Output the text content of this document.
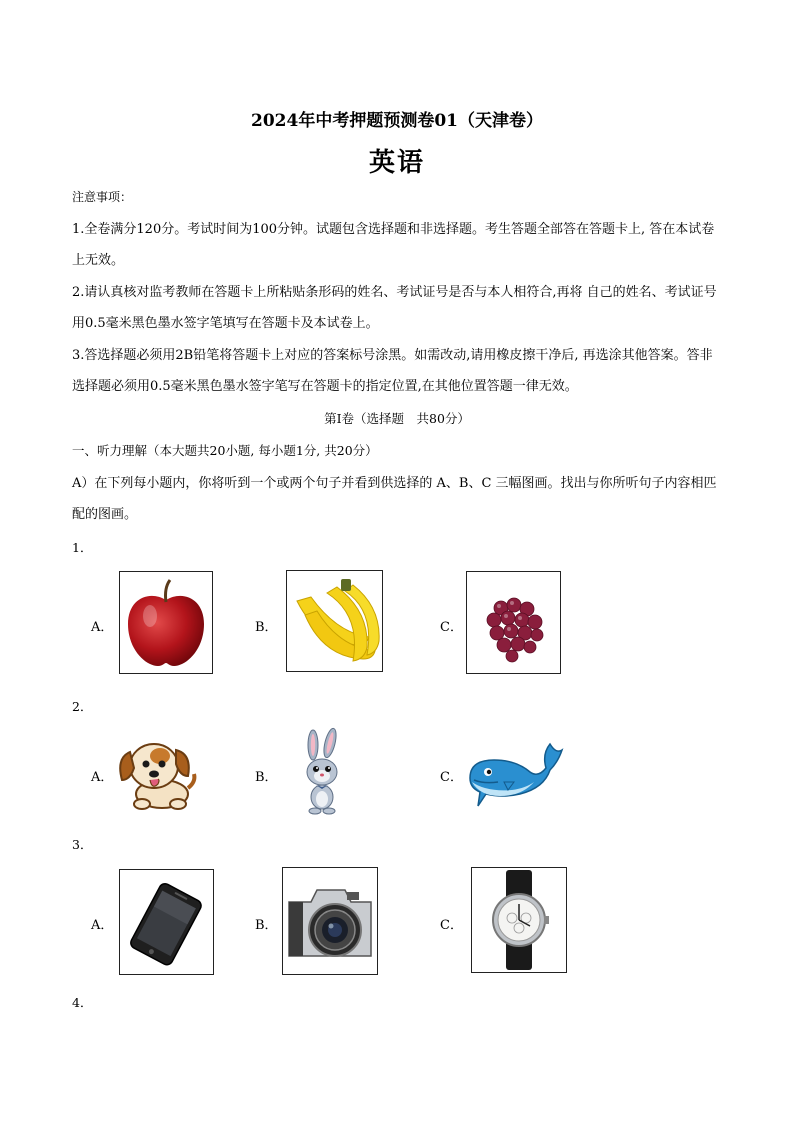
2024年中考押题预测卷01（天津卷）
英语
注意事项：
1.全卷满分120分。考试时间为100分钟。试题包含选择题和非选择题。考生答题全部答在答题卡上, 答在本试卷上无效。
2.请认真核对监考教师在答题卡上所粘贴条形码的姓名、考试证号是否与本人相符合,再将 自己的姓名、考试证号用0.5毫米黑色墨水签字笔填写在答题卡及本试卷上。
3.答选择题必须用2B铅笔将答题卡上对应的答案标号涂黑。如需改动,请用橡皮擦干净后, 再选涂其他答案。答非选择题必须用0.5毫米黑色墨水签字笔写在答题卡的指定位置,在其他位置答题一律无效。
第I卷（选择题　共80分）
一、听力理解（本大题共20小题, 每小题1分, 共20分）
A）在下列每小题内，你将听到一个或两个句子并看到供选择的 A、B、C 三幅图画。找出与你所听句子内容相匹配的图画。
1．
A．	B．	C．
2．
A．	B．	C．
3．
A．	B．	C．
4．
